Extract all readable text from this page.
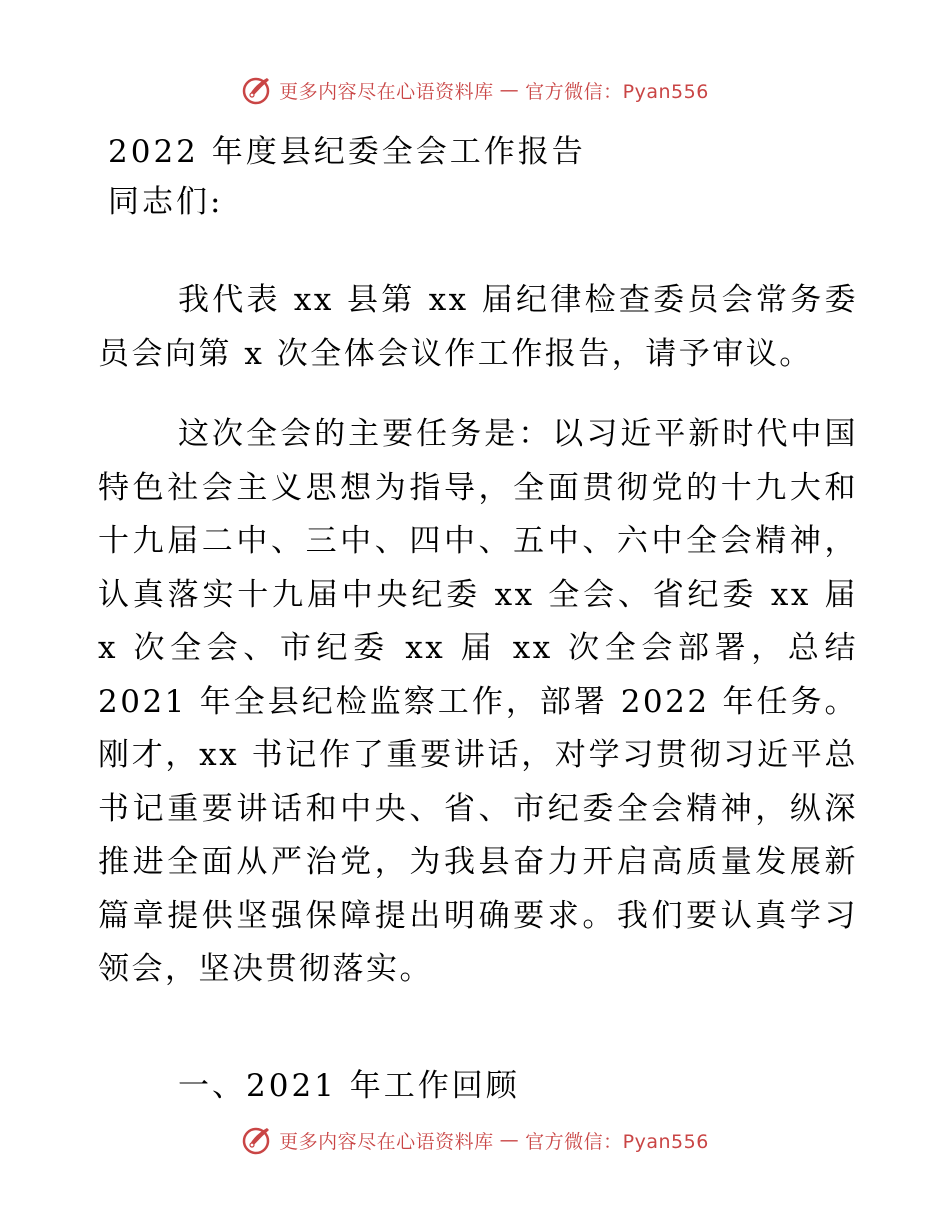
更多内容尽在心语资料库 — 官方微信：Pyan556
2022 年度县纪委全会工作报告
同志们:

我代表 xx 县第 xx 届纪律检查委员会常务委员会向第 x 次全体会议作工作报告，请予审议。

这次全会的主要任务是：以习近平新时代中国特色社会主义思想为指导，全面贯彻党的十九大和十九届二中、三中、四中、五中、六中全会精神，认真落实十九届中央纪委 xx 全会、省纪委 xx 届 x 次全会、市纪委 xx 届 xx 次全会部署，总结 2021 年全县纪检监察工作，部署 2022 年任务。刚才，xx 书记作了重要讲话，对学习贯彻习近平总书记重要讲话和中央、省、市纪委全会精神，纵深推进全面从严治党，为我县奋力开启高质量发展新篇章提供坚强保障提出明确要求。我们要认真学习领会，坚决贯彻落实。

一、2021 年工作回顾
更多内容尽在心语资料库 — 官方微信：Pyan556
